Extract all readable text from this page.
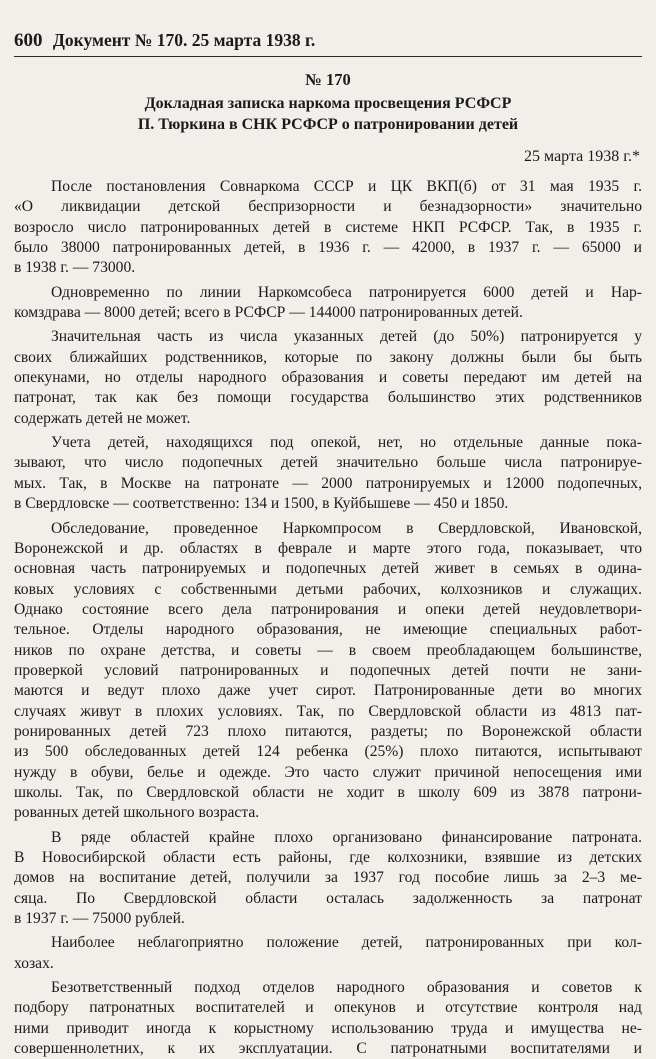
600 Документ № 170. 25 марта 1938 г.
№ 170
Докладная записка наркома просвещения РСФСР
П. Тюркина в СНК РСФСР о патронировании детей
25 марта 1938 г.*
После постановления Совнаркома СССР и ЦК ВКП(б) от 31 мая 1935 г.
«О ликвидации детской беспризорности и безнадзорности» значительно
возросло число патронированных детей в системе НКП РСФСР. Так, в 1935 г.
было 38000 патронированных детей, в 1936 г. — 42000, в 1937 г. — 65000 и
в 1938 г. — 73000.
Одновременно по линии Наркомсобеса патронируется 6000 детей и Нар-
комздрава — 8000 детей; всего в РСФСР — 144000 патронированных детей.
Значительная часть из числа указанных детей (до 50%) патронируется у
своих ближайших родственников, которые по закону должны были бы быть
опекунами, но отделы народного образования и советы передают им детей на
патронат, так как без помощи государства большинство этих родственников
содержать детей не может.
Учета детей, находящихся под опекой, нет, но отдельные данные пока-
зывают, что число подопечных детей значительно больше числа патронируе-
мых. Так, в Москве на патронате — 2000 патронируемых и 12000 подопечных,
в Свердловске — соответственно: 134 и 1500, в Куйбышеве — 450 и 1850.
Обследование, проведенное Наркомпросом в Свердловской, Ивановской,
Воронежской и др. областях в феврале и марте этого года, показывает, что
основная часть патронируемых и подопечных детей живет в семьях в одина-
ковых условиях с собственными детьми рабочих, колхозников и служащих.
Однако состояние всего дела патронирования и опеки детей неудовлетвори-
тельное. Отделы народного образования, не имеющие специальных работ-
ников по охране детства, и советы — в своем преобладающем большинстве,
проверкой условий патронированных и подопечных детей почти не зани-
маются и ведут плохо даже учет сирот. Патронированные дети во многих
случаях живут в плохих условиях. Так, по Свердловской области из 4813 пат-
ронированных детей 723 плохо питаются, раздеты; по Воронежской области
из 500 обследованных детей 124 ребенка (25%) плохо питаются, испытывают
нужду в обуви, белье и одежде. Это часто служит причиной непосещения ими
школы. Так, по Свердловской области не ходит в школу 609 из 3878 патрони-
рованных детей школьного возраста.
В ряде областей крайне плохо организовано финансирование патроната.
В Новосибирской области есть районы, где колхозники, взявшие из детских
домов на воспитание детей, получили за 1937 год пособие лишь за 2–3 ме-
сяца. По Свердловской области осталась задолженность за патронат
в 1937 г. — 75000 рублей.
Наиболее неблагоприятно положение детей, патронированных при кол-
хозах.
Безответственный подход отделов народного образования и советов к
подбору патронатных воспитателей и опекунов и отсутствие контроля над
ними приводит иногда к корыстному использованию труда и имущества не-
совершеннолетних, к их эксплуатации. С патронатными воспитателями и
